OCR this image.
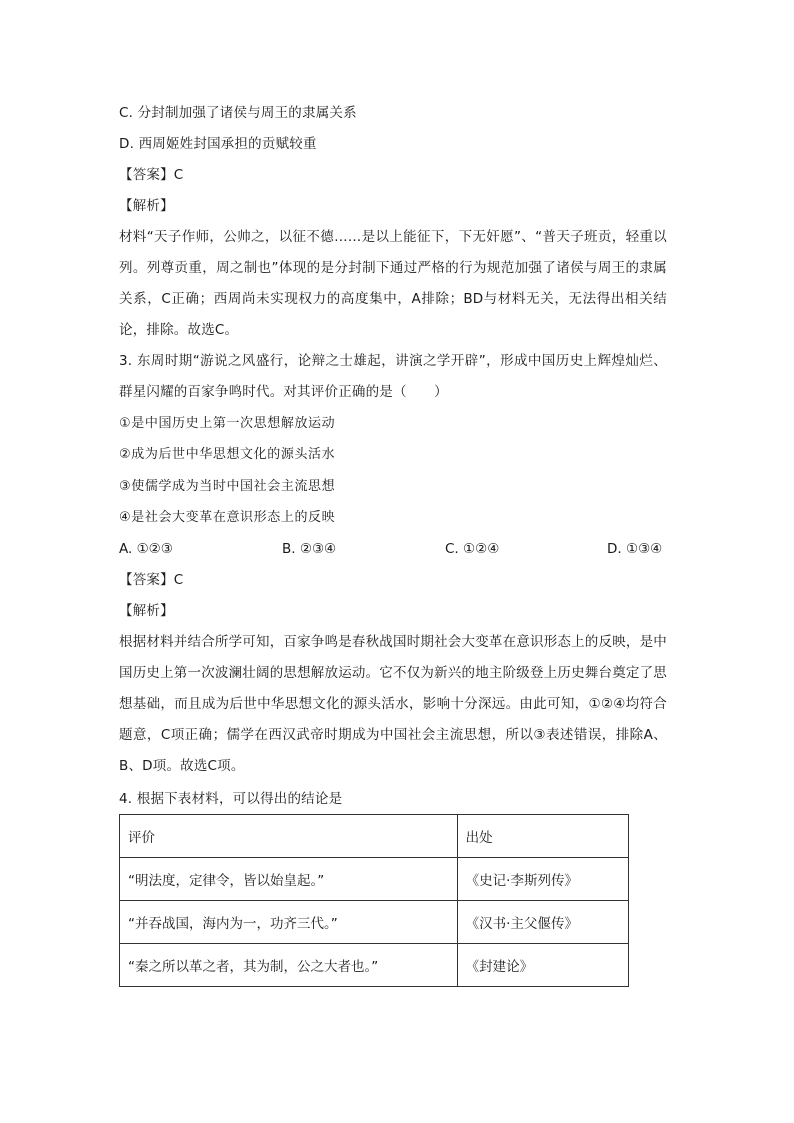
C. 分封制加强了诸侯与周王的隶属关系
D. 西周姬姓封国承担的贡赋较重
【答案】C
【解析】
材料“天子作师，公帅之，以征不德……是以上能征下，下无奸愿”、“普天子班贡，轻重以列。列尊贡重，周之制也”体现的是分封制下通过严格的行为规范加强了诸侯与周王的隶属关系，C正确；西周尚未实现权力的高度集中，A排除；BD与材料无关，无法得出相关结论，排除。故选C。
3. 东周时期“游说之风盛行，论辩之士雄起，讲演之学开辟”，形成中国历史上辉煌灿烂、群星闪耀的百家争鸣时代。对其评价正确的是（　　）
①是中国历史上第一次思想解放运动
②成为后世中华思想文化的源头活水
③使儒学成为当时中国社会主流思想
④是社会大变革在意识形态上的反映
A. ①②③	B. ②③④	C. ①②④	D. ①③④
【答案】C
【解析】
根据材料并结合所学可知，百家争鸣是春秋战国时期社会大变革在意识形态上的反映，是中国历史上第一次波澜壮阔的思想解放运动。它不仅为新兴的地主阶级登上历史舞台奠定了思想基础，而且成为后世中华思想文化的源头活水，影响十分深远。由此可知，①②④均符合题意，C项正确；儒学在西汉武帝时期成为中国社会主流思想，所以③表述错误，排除A、B、D项。故选C项。
4. 根据下表材料，可以得出的结论是
评价	出处
“明法度，定律令，皆以始皇起。”	《史记·李斯列传》
“并吞战国，海内为一，功齐三代。”	《汉书·主父偃传》
“秦之所以革之者，其为制，公之大者也。”	《封建论》
